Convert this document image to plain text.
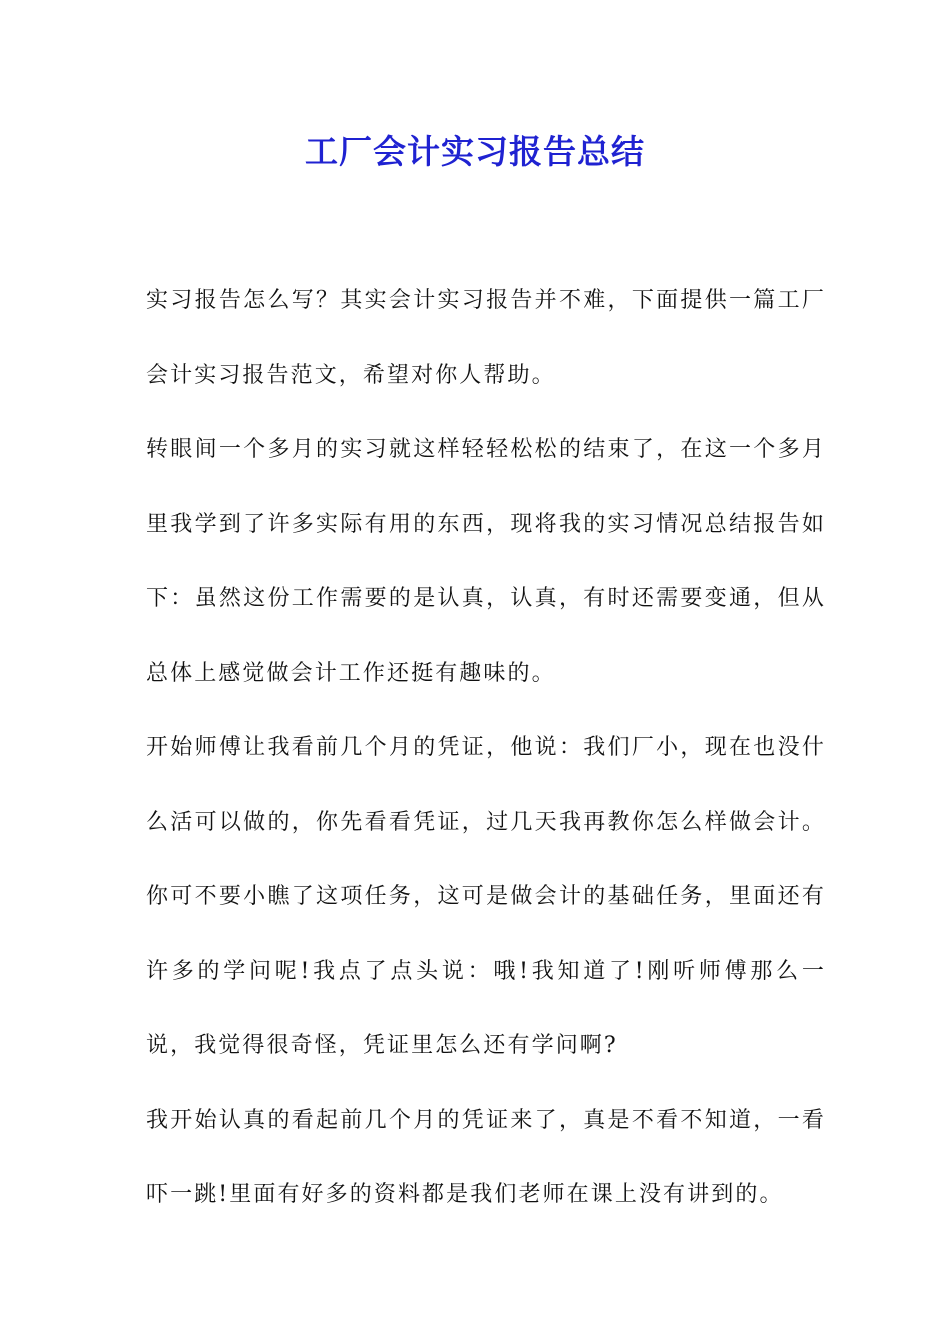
工厂会计实习报告总结

实习报告怎么写？其实会计实习报告并不难，下面提供一篇工厂会计实习报告范文，希望对你人帮助。

转眼间一个多月的实习就这样轻轻松松的结束了，在这一个多月里我学到了许多实际有用的东西，现将我的实习情况总结报告如下：虽然这份工作需要的是认真，认真，有时还需要变通，但从总体上感觉做会计工作还挺有趣味的。

开始师傅让我看前几个月的凭证，他说：我们厂小，现在也没什么活可以做的，你先看看凭证，过几天我再教你怎么样做会计。你可不要小瞧了这项任务，这可是做会计的基础任务，里面还有许多的学问呢!我点了点头说：哦!我知道了!刚听师傅那么一说，我觉得很奇怪，凭证里怎么还有学问啊?

我开始认真的看起前几个月的凭证来了，真是不看不知道，一看吓一跳!里面有好多的资料都是我们老师在课上没有讲到的。
